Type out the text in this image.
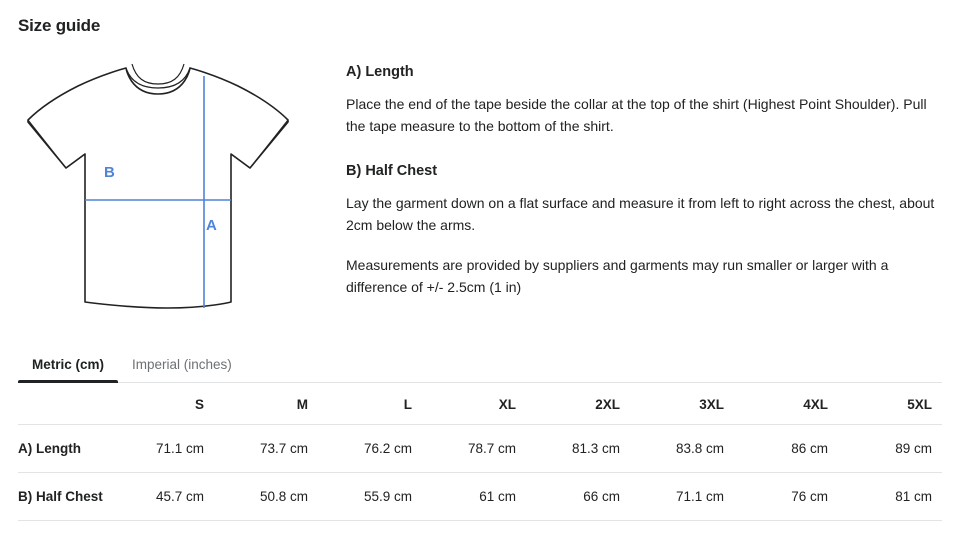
Size guide
A
B
A) Length

Place the end of the tape beside the collar at the top of the shirt (Highest Point Shoulder). Pull the tape measure to the bottom of the shirt.

B) Half Chest

Lay the garment down on a flat surface and measure it from left to right across the chest, about 2cm below the arms.

Measurements are provided by suppliers and garments may run smaller or larger with a difference of +/- 2.5cm (1 in)

Metric (cm)	Imperial (inches)
	S	M	L	XL	2XL	3XL	4XL	5XL
A) Length	71.1 cm	73.7 cm	76.2 cm	78.7 cm	81.3 cm	83.8 cm	86 cm	89 cm
B) Half Chest	45.7 cm	50.8 cm	55.9 cm	61 cm	66 cm	71.1 cm	76 cm	81 cm
